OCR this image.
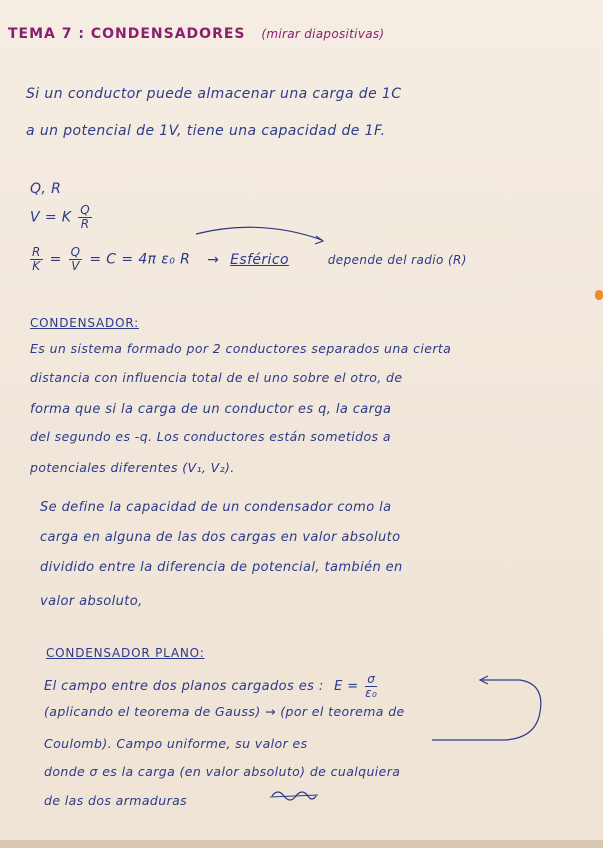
TEMA 7 : CONDENSADORES (mirar diapositivas)
Si un conductor puede almacenar una carga de 1C
a un potencial de 1V, tiene una capacidad de 1F.
Q, R
V = K $\frac{Q}{R}$
$\frac{R}{K} = \frac{Q}{V} = C = 4\pi$ ε₀ R → Esférico	depende del radio (R)
CONDENSADOR:
Es un sistema formado por 2 conductores separados una cierta
distancia con influencia total de el uno sobre el otro, de
forma que si la carga de un conductor es q, la carga
del segundo es -q. Los conductores están sometidos a
potenciales diferentes (V₁, V₂).
Se define la capacidad de un condensador como la
carga en alguna de las dos cargas en valor absoluto
dividido entre la diferencia de potencial, también en
valor absoluto,
CONDENSADOR PLANO:
El campo entre dos planos cargados es : $E = \frac{\sigma}{\text{ε₀}}$
(aplicando el teorema de Gauss) → (por el teorema de
Coulomb). Campo uniforme, su valor es
donde σ es la carga (en valor absoluto) de cualquiera
de las dos armaduras
